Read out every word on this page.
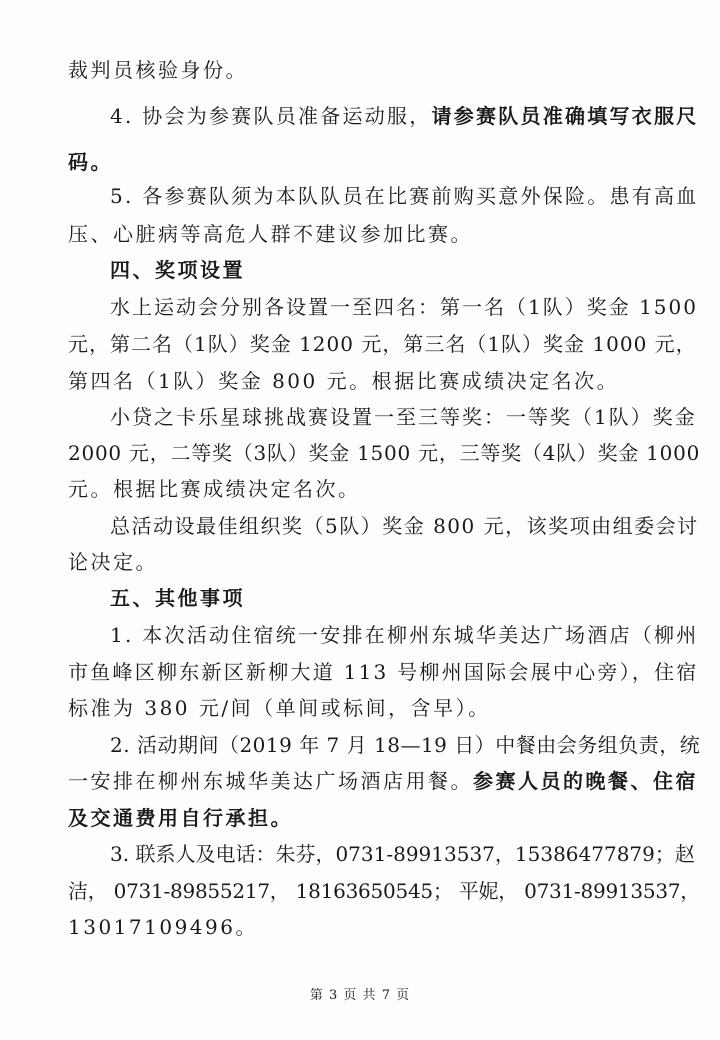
裁判员核验身份。
4. 协会为参赛队员准备运动服，请参赛队员准确填写衣服尺
码。
5. 各参赛队须为本队队员在比赛前购买意外保险。患有高血
压、心脏病等高危人群不建议参加比赛。
四、奖项设置
水上运动会分别各设置一至四名：第一名（1队）奖金 1500
元，第二名（1队）奖金 1200 元，第三名（1队）奖金 1000 元，
第四名（1队）奖金 800 元。根据比赛成绩决定名次。
小贷之卡乐星球挑战赛设置一至三等奖：一等奖（1队）奖金
2000 元，二等奖（3队）奖金 1500 元，三等奖（4队）奖金 1000
元。根据比赛成绩决定名次。
总活动设最佳组织奖（5队）奖金 800 元，该奖项由组委会讨
论决定。
五、其他事项
1. 本次活动住宿统一安排在柳州东城华美达广场酒店（柳州
市鱼峰区柳东新区新柳大道 113 号柳州国际会展中心旁），住宿
标准为 380 元/间（单间或标间，含早）。
2. 活动期间（2019 年 7 月 18—19 日）中餐由会务组负责，统
一安排在柳州东城华美达广场酒店用餐。参赛人员的晚餐、住宿
及交通费用自行承担。
3. 联系人及电话：朱芬，0731-89913537，15386477879；赵
洁， 0731-89855217， 18163650545； 平妮， 0731-89913537，
13017109496。
第 3 页 共 7 页
